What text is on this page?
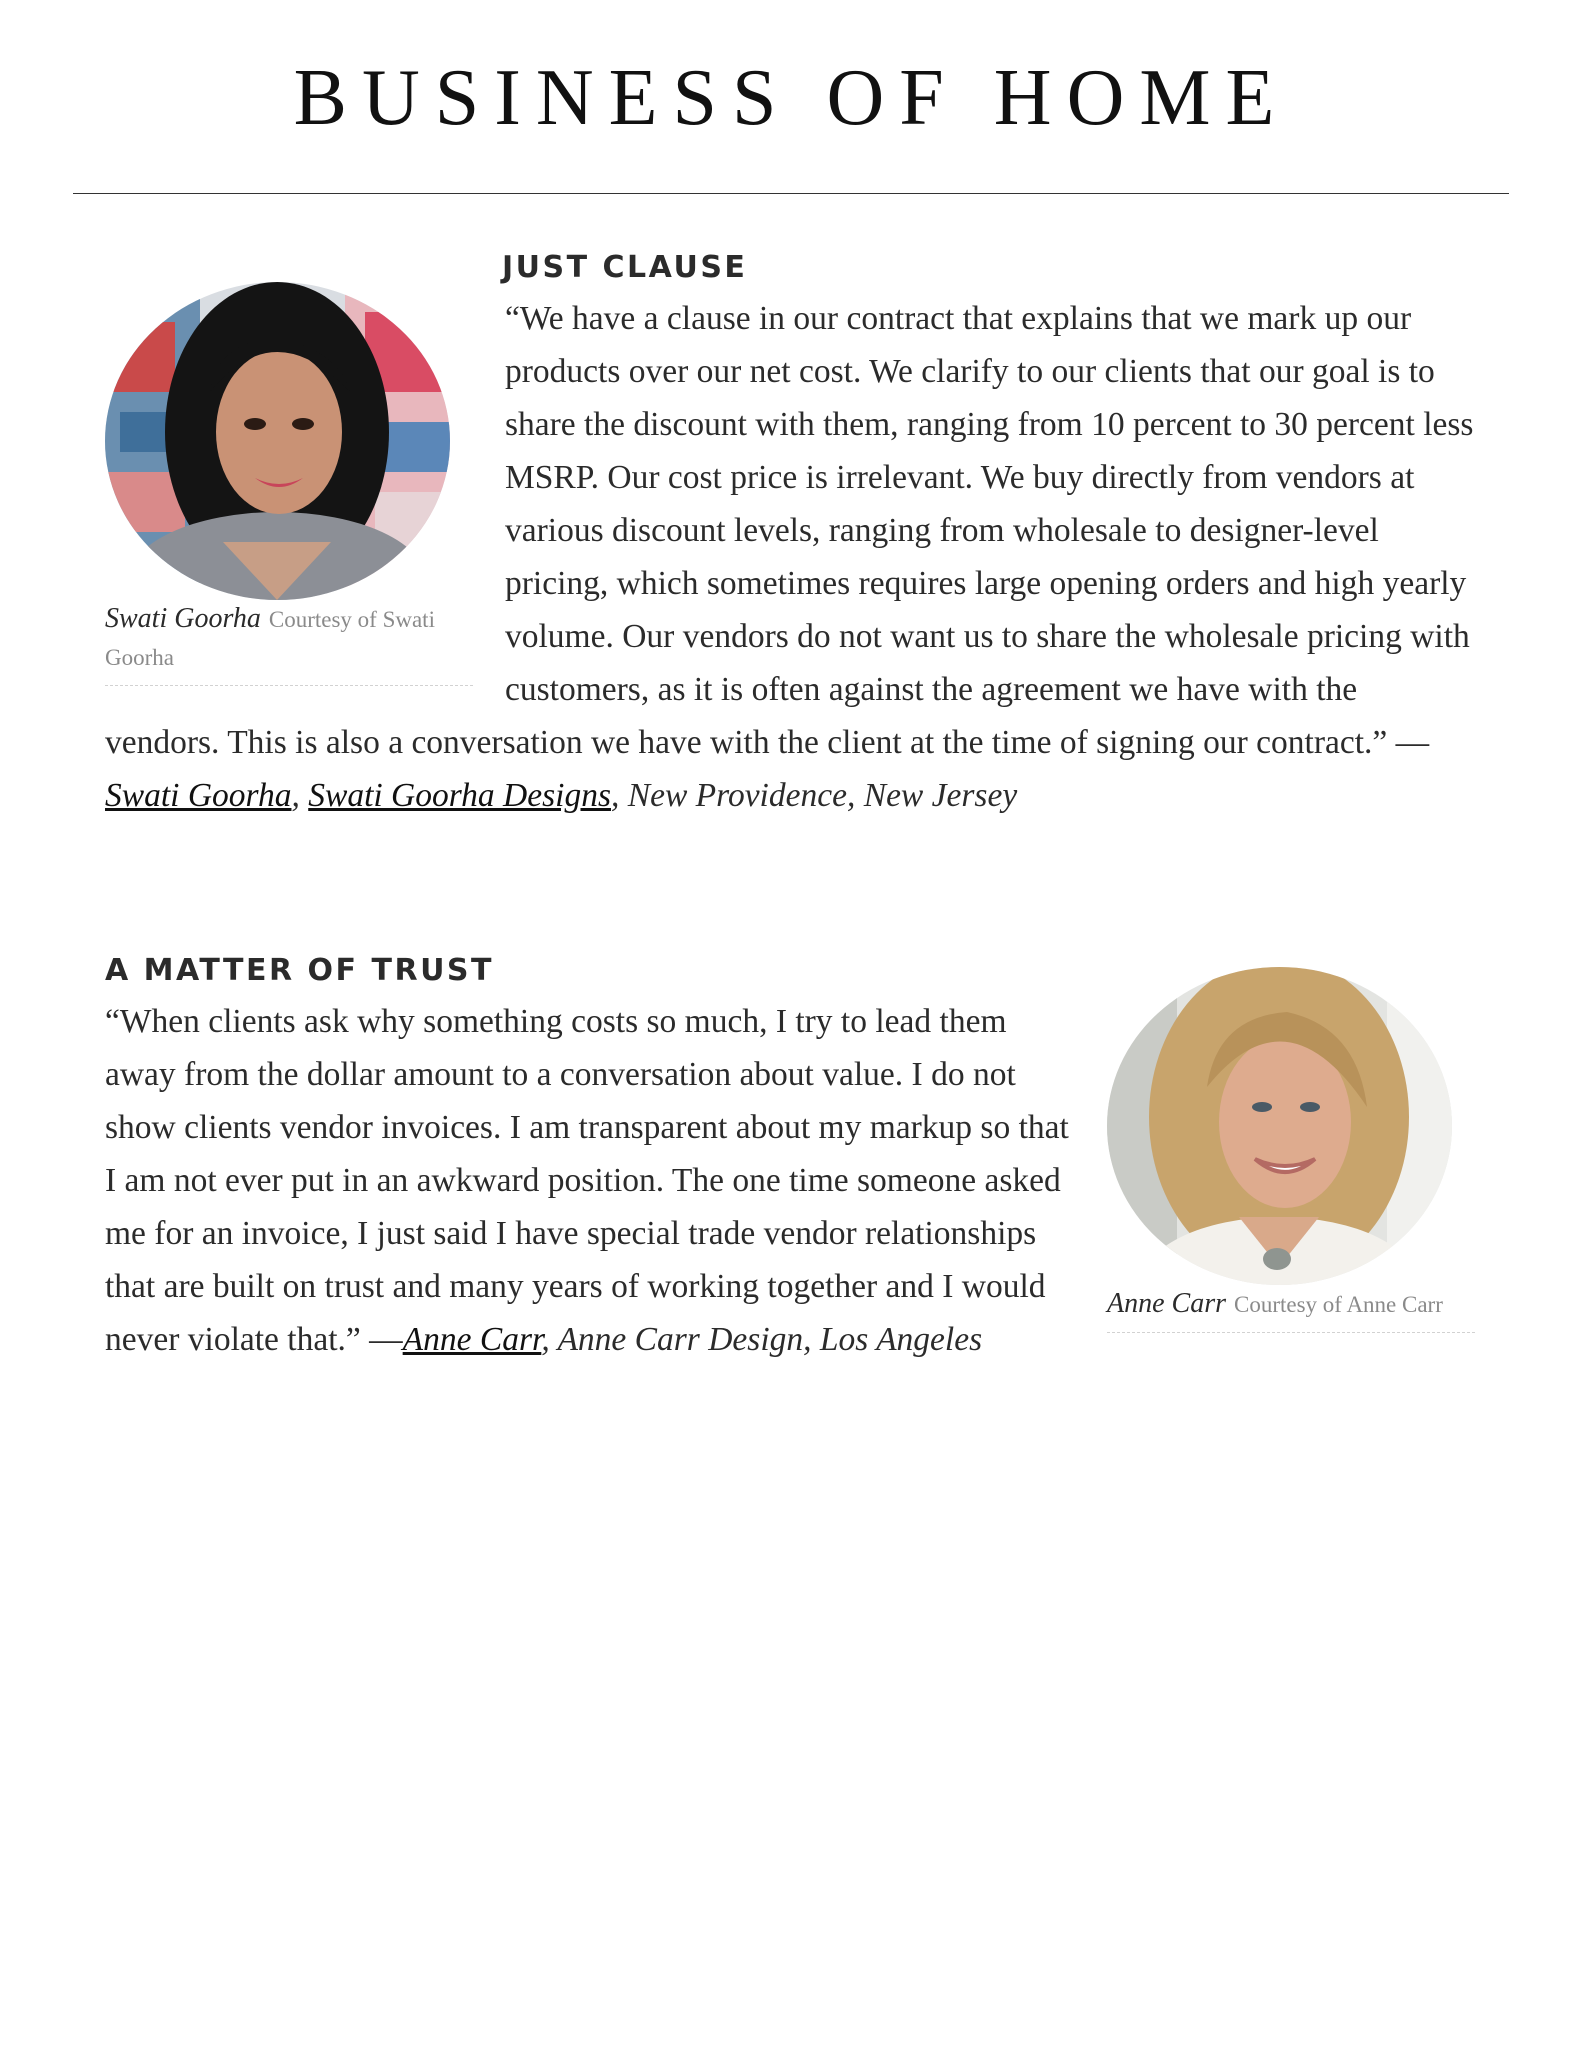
BUSINESS OF HOME
JUST CLAUSE
Swati Goorha Courtesy of Swati Goorha

“We have a clause in our contract that explains that we mark up our products over our net cost. We clarify to our clients that our goal is to share the discount with them, ranging from 10 percent to 30 percent less MSRP. Our cost price is irrelevant. We buy directly from vendors at various discount levels, ranging from wholesale to designer-level pricing, which sometimes requires large opening orders and high yearly volume. Our vendors do not want us to share the wholesale pricing with customers, as it is often against the agreement we have with the vendors. This is also a conversation we have with the client at the time of signing our contract.” —Swati Goorha, Swati Goorha Designs, New Providence, New Jersey

Anne Carr Courtesy of Anne Carr
A MATTER OF TRUST

“When clients ask why something costs so much, I try to lead them away from the dollar amount to a conversation about value. I do not show clients vendor invoices. I am transparent about my markup so that I am not ever put in an awkward position. The one time someone asked me for an invoice, I just said I have special trade vendor relationships that are built on trust and many years of working together and I would never violate that.” —Anne Carr, Anne Carr Design, Los Angeles
